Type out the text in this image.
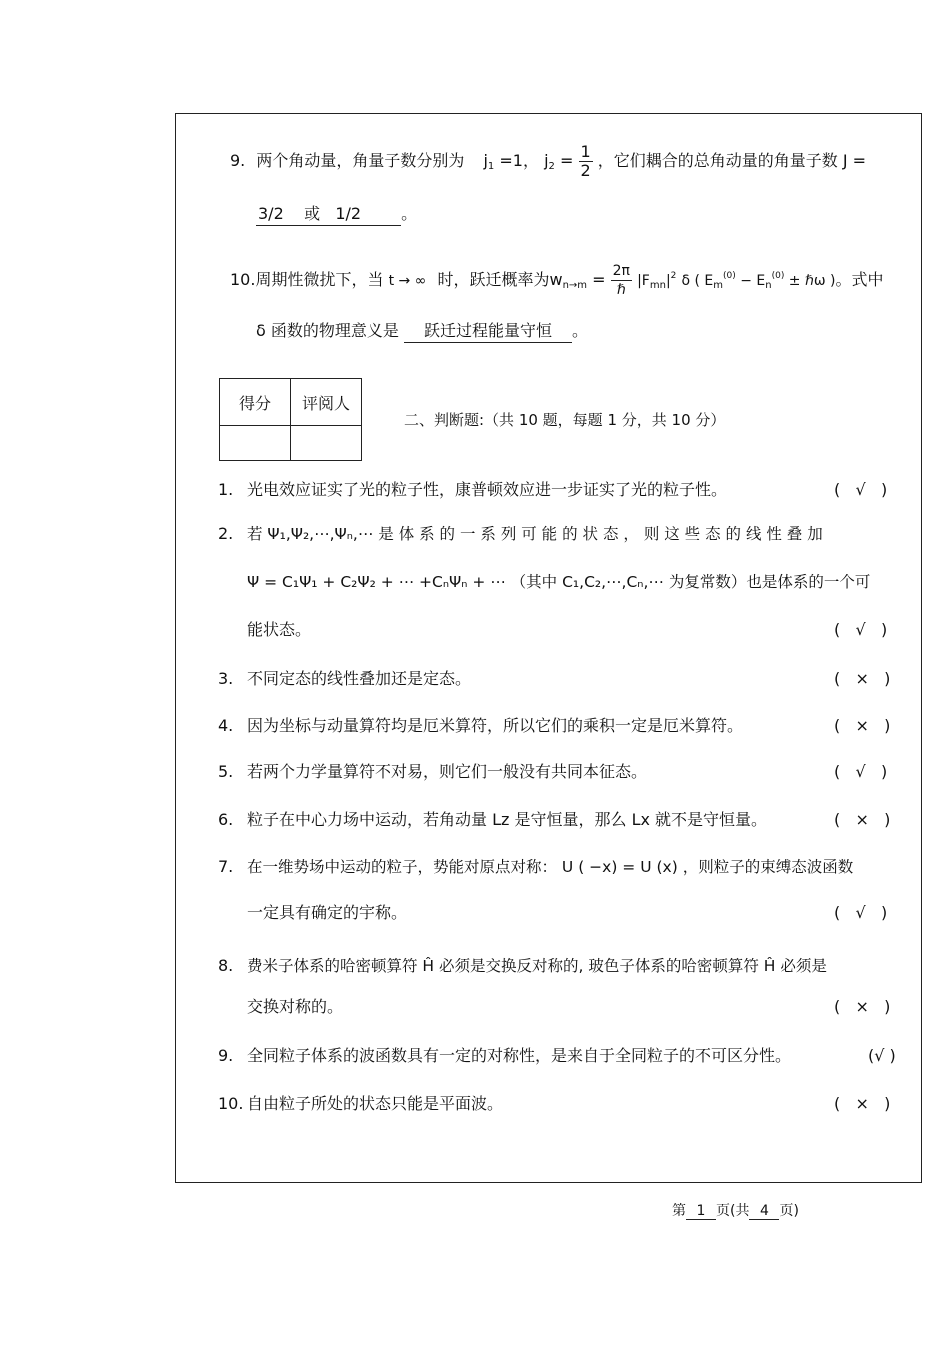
9. 两个角动量，角量子数分别为 $j_1 =1$， $j_2 = \frac{1}{2}$ ，它们耦合的总角动量的角量子数 J =
3/2    或   1/2	。
10.周期性微扰下，当 t → ∞ 时，跃迁概率为$w_{n\to m} = \frac{2\pi}{\text{ℏ}} |F_{mn}|^2$ δ ( $E_m^{(0)} - E_n^{(0)}$ ± ℏω )。式中
δ 函数的物理意义是 跃迁过程能量守恒 。
得分	评阅人

二、判断题:（共 10 题，每题 1 分，共 10 分）
1. 光电效应证实了光的粒子性，康普顿效应进一步证实了光的粒子性。	(   √   )
2. 若 Ψ₁,Ψ₂,⋯,Ψₙ,⋯ 是 体 系 的 一 系 列 可 能 的 状 态 ， 则 这 些 态 的 线 性 叠 加
Ψ = C₁Ψ₁ + C₂Ψ₂ + ⋯ +CₙΨₙ + ⋯ （其中 C₁,C₂,⋯,Cₙ,⋯ 为复常数）也是体系的一个可
能状态。	(   √   )
3. 不同定态的线性叠加还是定态。	(   ×   )
4. 因为坐标与动量算符均是厄米算符，所以它们的乘积一定是厄米算符。	(   ×   )
5. 若两个力学量算符不对易，则它们一般没有共同本征态。	(   √   )
6. 粒子在中心力场中运动，若角动量 Lz 是守恒量，那么 Lx 就不是守恒量。	(   ×   )
7. 在一维势场中运动的粒子，势能对原点对称： U ( −x) = U (x) ，则粒子的束缚态波函数
一定具有确定的宇称。	(   √   )
8. 费米子体系的哈密顿算符 Ĥ 必须是交换反对称的, 玻色子体系的哈密顿算符 Ĥ 必须是
交换对称的。	(   ×   )
9. 全同粒子体系的波函数具有一定的对称性，是来自于全同粒子的不可区分性。	(√ )
10. 自由粒子所处的状态只能是平面波。	(   ×   )
第 1 页(共 4 页)
